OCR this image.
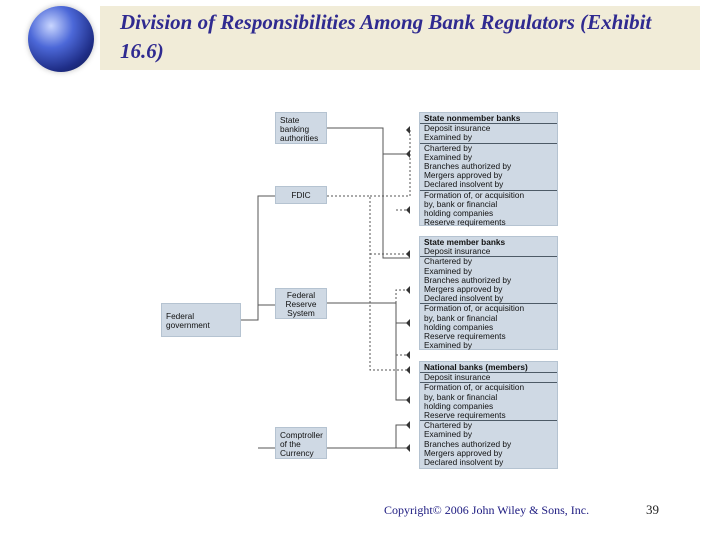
Division of Responsibilities Among Bank Regulators (Exhibit 16.6)
Federal
government
State
banking
authorities
FDIC
Federal
Reserve
System
Comptroller
of the
Currency
State nonmember banks
Deposit insurance
Examined by
Chartered by
Examined by
Branches authorized by
Mergers approved by
Declared insolvent by
Formation of, or acquisition
by, bank or financial
holding companies
Reserve requirements
State member banks
Deposit insurance
Chartered by
Examined by
Branches authorized by
Mergers approved by
Declared insolvent by
Formation of, or acquisition
by, bank or financial
holding companies
Reserve requirements
Examined by
National banks (members)
Deposit insurance
Formation of, or acquisition
by, bank or financial
holding companies
Reserve requirements
Chartered by
Examined by
Branches authorized by
Mergers approved by
Declared insolvent by
Copyright© 2006 John Wiley & Sons, Inc.	39
